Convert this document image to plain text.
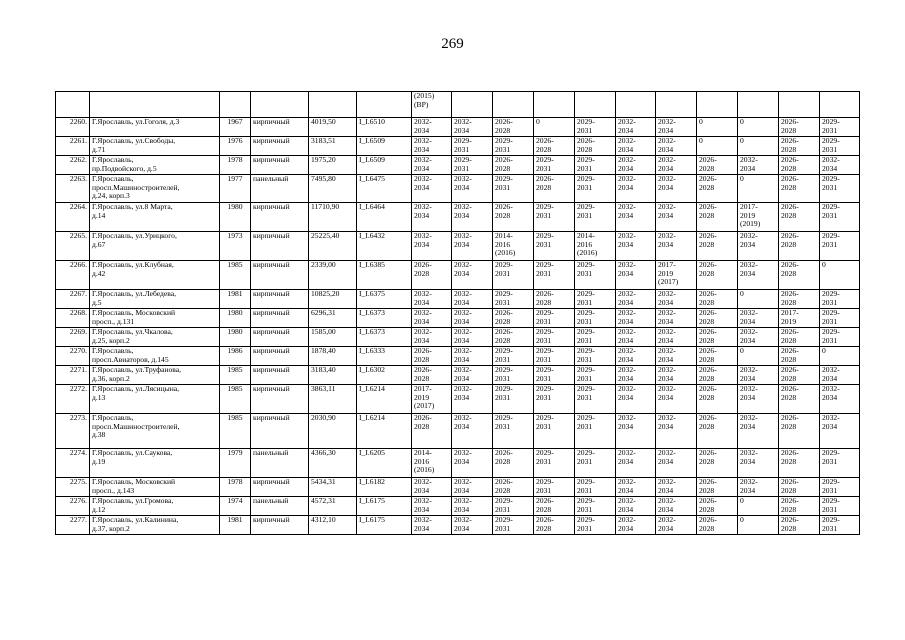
269
						(2015)
(ВР)										
2260.	Г.Ярославль, ул.Гоголя, д.3	1967	кирпичный	4019,50	I_I.6510	2032-
2034	2032-
2034	2026-
2028	0	2029-
2031	2032-
2034	2032-
2034	0	0	2026-
2028	2029-
2031
2261.	Г.Ярославль, ул.Свободы,
д.71	1976	кирпичный	3183,51	I_I.6509	2032-
2034	2029-
2031	2029-
2031	2026-
2028	2026-
2028	2032-
2034	2032-
2034	0	0	2026-
2028	2029-
2031
2262.	Г.Ярославль,
пр.Подвойского, д.5	1978	кирпичный	1975,20	I_I.6509	2032-
2034	2029-
2031	2026-
2028	2029-
2031	2029-
2031	2032-
2034	2032-
2034	2026-
2028	2032-
2034	2026-
2028	2032-
2034
2263.	Г.Ярославль,
просп.Машиностроителей,
д.24, корп.3	1977	панельный	7495,80	I_I.6475	2032-
2034	2032-
2034	2029-
2031	2026-
2028	2029-
2031	2032-
2034	2032-
2034	2026-
2028	0	2026-
2028	2029-
2031
2264.	Г.Ярославль, ул.8 Марта,
д.14	1980	кирпичный	11710,90	I_I.6464	2032-
2034	2032-
2034	2026-
2028	2029-
2031	2029-
2031	2032-
2034	2032-
2034	2026-
2028	2017-
2019
(2019)	2026-
2028	2029-
2031
2265.	Г.Ярославль, ул.Урицкого,
д.67	1973	кирпичный	25225,40	I_I.6432	2032-
2034	2032-
2034	2014-
2016
(2016)	2029-
2031	2014-
2016
(2016)	2032-
2034	2032-
2034	2026-
2028	2032-
2034	2026-
2028	2029-
2031
2266.	Г.Ярославль, ул.Клубная,
д.42	1985	кирпичный	2339,00	I_I.6385	2026-
2028	2032-
2034	2029-
2031	2029-
2031	2029-
2031	2032-
2034	2017-
2019
(2017)	2026-
2028	2032-
2034	2026-
2028	0
2267.	Г.Ярославль, ул.Лебедева,
д.5	1981	кирпичный	10825,20	I_I.6375	2032-
2034	2032-
2034	2029-
2031	2026-
2028	2029-
2031	2032-
2034	2032-
2034	2026-
2028	0	2026-
2028	2029-
2031
2268.	Г.Ярославль, Московский
просп., д.131	1980	кирпичный	6296,31	I_I.6373	2032-
2034	2032-
2034	2026-
2028	2029-
2031	2029-
2031	2032-
2034	2032-
2034	2026-
2028	2032-
2034	2017-
2019	2029-
2031
2269.	Г.Ярославль, ул.Чкалова,
д.25, корп.2	1980	кирпичный	1585,00	I_I.6373	2032-
2034	2032-
2034	2026-
2028	2029-
2031	2029-
2031	2032-
2034	2032-
2034	2026-
2028	2032-
2034	2026-
2028	2029-
2031
2270.	Г.Ярославль,
просп.Авиаторов, д.145	1986	кирпичный	1878,40	I_I.6333	2026-
2028	2032-
2034	2029-
2031	2029-
2031	2029-
2031	2032-
2034	2032-
2034	2026-
2028	0	2026-
2028	0
2271.	Г.Ярославль, ул.Труфанова,
д.36, корп.2	1985	кирпичный	3183,40	I_I.6302	2026-
2028	2032-
2034	2029-
2031	2029-
2031	2029-
2031	2032-
2034	2032-
2034	2026-
2028	2032-
2034	2026-
2028	2032-
2034
2272.	Г.Ярославль, ул.Лясицына,
д.13	1985	кирпичный	3863,11	I_I.6214	2017-
2019
(2017)	2032-
2034	2029-
2031	2029-
2031	2029-
2031	2032-
2034	2032-
2034	2026-
2028	2032-
2034	2026-
2028	2032-
2034
2273.	Г.Ярославль,
просп.Машиностроителей,
д.38	1985	кирпичный	2030,90	I_I.6214	2026-
2028	2032-
2034	2029-
2031	2029-
2031	2029-
2031	2032-
2034	2032-
2034	2026-
2028	2032-
2034	2026-
2028	2032-
2034
2274.	Г.Ярославль, ул.Саукова,
д.19	1979	панельный	4366,30	I_I.6205	2014-
2016
(2016)	2032-
2034	2026-
2028	2029-
2031	2029-
2031	2032-
2034	2032-
2034	2026-
2028	2032-
2034	2026-
2028	2029-
2031
2275.	Г.Ярославль, Московский
просп., д.143	1978	кирпичный	5434,31	I_I.6182	2032-
2034	2032-
2034	2026-
2028	2029-
2031	2029-
2031	2032-
2034	2032-
2034	2026-
2028	2032-
2034	2026-
2028	2029-
2031
2276.	Г.Ярославль, ул.Громова,
д.12	1974	панельный	4572,31	I_I.6175	2032-
2034	2032-
2034	2029-
2031	2026-
2028	2029-
2031	2032-
2034	2032-
2034	2026-
2028	0	2026-
2028	2029-
2031
2277.	Г.Ярославль, ул.Калинина,
д.37, корп.2	1981	кирпичный	4312,10	I_I.6175	2032-
2034	2032-
2034	2029-
2031	2026-
2028	2029-
2031	2032-
2034	2032-
2034	2026-
2028	0	2026-
2028	2029-
2031
